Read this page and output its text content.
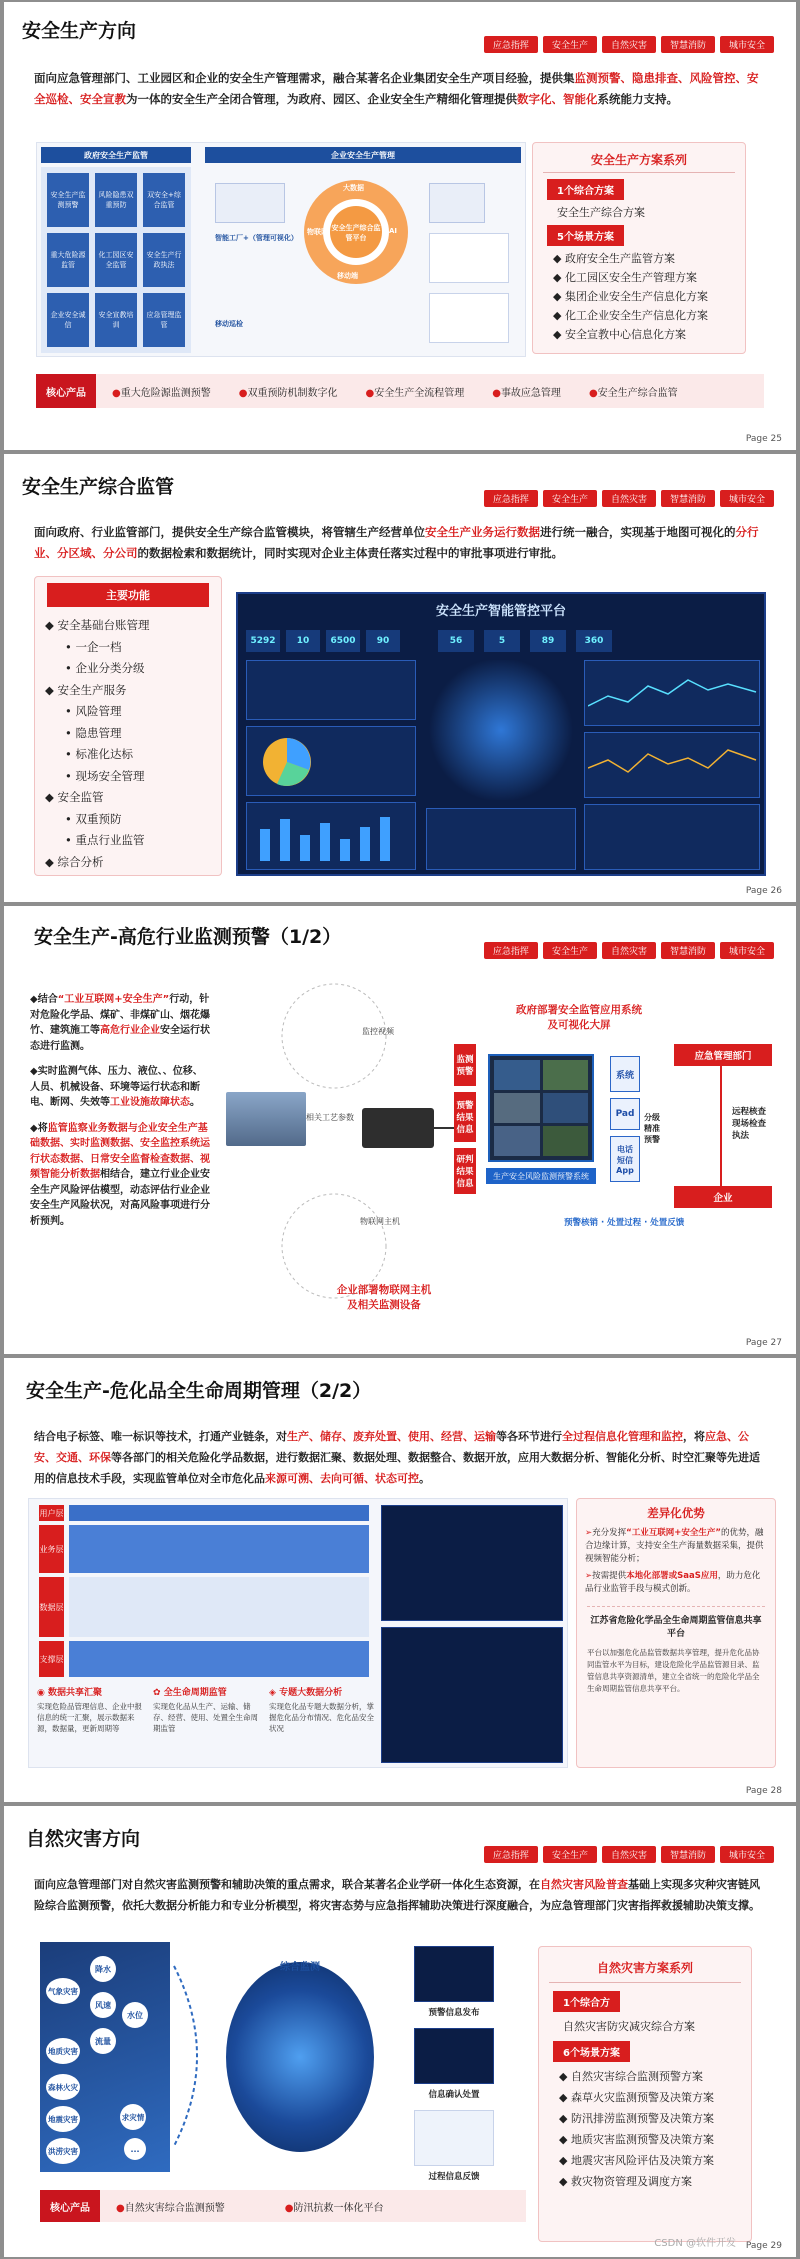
安全生产方向
应急指挥	安全生产	自然灾害	智慧消防	城市安全
面向应急管理部门、工业园区和企业的安全生产管理需求，融合某著名企业集团安全生产项目经验，提供集监测预警、隐患排查、风险管控、安全巡检、安全宣教为一体的安全生产全闭合管理，为政府、园区、企业安全生产精细化管理提供数字化、智能化系统能力支持。
政府安全生产监管
安全生产监测预警
风险隐患双重预防
双安全+综合监管
重大危险源监管
化工园区安全监管
安全生产行政执法
企业安全诚信
安全宣教培训
应急管理监管
企业安全生产管理
智能工厂+（管理可视化）
移动巡检
安全生产综合监管平台
大数据
物联网	AI
移动端
安全生产方案系列
1个综合方案
安全生产综合方案
5个场景方案
◆ 政府安全生产监管方案
◆ 化工园区安全生产管理方案
◆ 集团企业安全生产信息化方案
◆ 化工企业安全生产信息化方案
◆ 安全宣教中心信息化方案
核心产品	●重大危险源监测预警	●双重预防机制数字化	●安全生产全流程管理	●事故应急管理	●安全生产综合监管
Page 25
安全生产综合监管
应急指挥	安全生产	自然灾害	智慧消防	城市安全
面向政府、行业监管部门，提供安全生产综合监管模块，将管辖生产经营单位安全生产业务运行数据进行统一融合，实现基于地图可视化的分行业、分区域、分公司的数据检索和数据统计，同时实现对企业主体责任落实过程中的审批事项进行审批。
主要功能
◆ 安全基础台账管理
• 一企一档
• 企业分类分级
◆ 安全生产服务
• 风险管理
• 隐患管理
• 标准化达标
• 现场安全管理
◆ 安全监管
• 双重预防
• 重点行业监管
◆ 综合分析
安全生产智能管控平台
5292	10	6500	90	56	5	89	360
Page 26
安全生产-高危行业监测预警（1/2）
应急指挥	安全生产	自然灾害	智慧消防	城市安全
◆结合“工业互联网+安全生产”行动，针对危险化学品、煤矿、非煤矿山、烟花爆竹、建筑施工等高危行业企业安全运行状态进行监测。
◆实时监测气体、压力、液位、、位移、人员、机械设备、环境等运行状态和断电、断网、失效等工业设施故障状态。
◆将监管监察业务数据与企业安全生产基础数据、实时监测数据、安全监控系统运行状态数据、日常安全监督检查数据、视频智能分析数据相结合，建立行业企业安全生产风险评估模型，动态评估行业企业安全生产风险状况，对高风险事项进行分析预判。
监控视频
相关工艺参数
物联网主机
监测
预警
预警
结果
信息
研判
结果
信息
政府部署安全监管应用系统
及可视化大屏
生产安全风险监测预警系统
系统
Pad
电话
短信
App
分级
精准
预警
应急管理部门
远程核查
现场检查
执法
企业
预警核销 · 处置过程 · 处置反馈
企业部署物联网主机
及相关监测设备
Page 27
安全生产-危化品全生命周期管理（2/2）
结合电子标签、唯一标识等技术，打通产业链条，对生产、储存、废弃处置、使用、经营、运输等各环节进行全过程信息化管理和监控，将应急、公安、交通、环保等各部门的相关危险化学品数据，进行数据汇聚、数据处理、数据整合、数据开放，应用大数据分析、智能化分析、时空汇聚等先进适用的信息技术手段，实现监管单位对全市危化品来源可溯、去向可循、状态可控。
用户层
业务层
数据层
支撑层
◉ 数据共享汇聚
实现危险品管理信息、企业中报信息的统一汇聚，展示数据来源，数据量，更新周期等
✿ 全生命周期监管
实现危化品从生产、运输、储存、经营、使用、处置全生命周期监管
◈ 专题大数据分析
实现危化品专题大数据分析，掌握危化品分布情况、危化品安全状况
差异化优势
➢充分发挥“工业互联网+安全生产”的优势，融合边缘计算，支持安全生产海量数据采集，提供视频智能分析；
➢按需提供本地化部署或SaaS应用，助力危化品行业监管手段与模式创新。
江苏省危险化学品全生命周期监管信息共享平台
平台以加强危化品监管数据共享管理，提升危化品协同监管水平为目标，建设危险化学品监管源目录、监管信息共享资源清单，建立全省统一的危险化学品全生命周期监管信息共享平台。
Page 28
自然灾害方向
应急指挥	安全生产	自然灾害	智慧消防	城市安全
面向应急管理部门对自然灾害监测预警和辅助决策的重点需求，联合某著名企业学研一体化生态资源，在自然灾害风险普查基础上实现多灾种灾害链风险综合监测预警，依托大数据分析能力和专业分析模型，将灾害态势与应急指挥辅助决策进行深度融合，为应急管理部门灾害指挥救援辅助决策支撑。
降水
气象灾害
风速
水位
流量
地质灾害
森林火灾
地震灾害
洪涝灾害
求灾情
...
综合监测
预警信息发布
信息确认处置
过程信息反馈
自然灾害方案系列
1个综合方
自然灾害防灾减灾综合方案
6个场景方案
◆ 自然灾害综合监测预警方案
◆ 森草火灾监测预警及决策方案
◆ 防汛排涝监测预警及决策方案
◆ 地质灾害监测预警及决策方案
◆ 地震灾害风险评估及决策方案
◆ 救灾物资管理及调度方案
核心产品	●自然灾害综合监测预警	●防汛抗救一体化平台
CSDN @软件开发 Page 29
